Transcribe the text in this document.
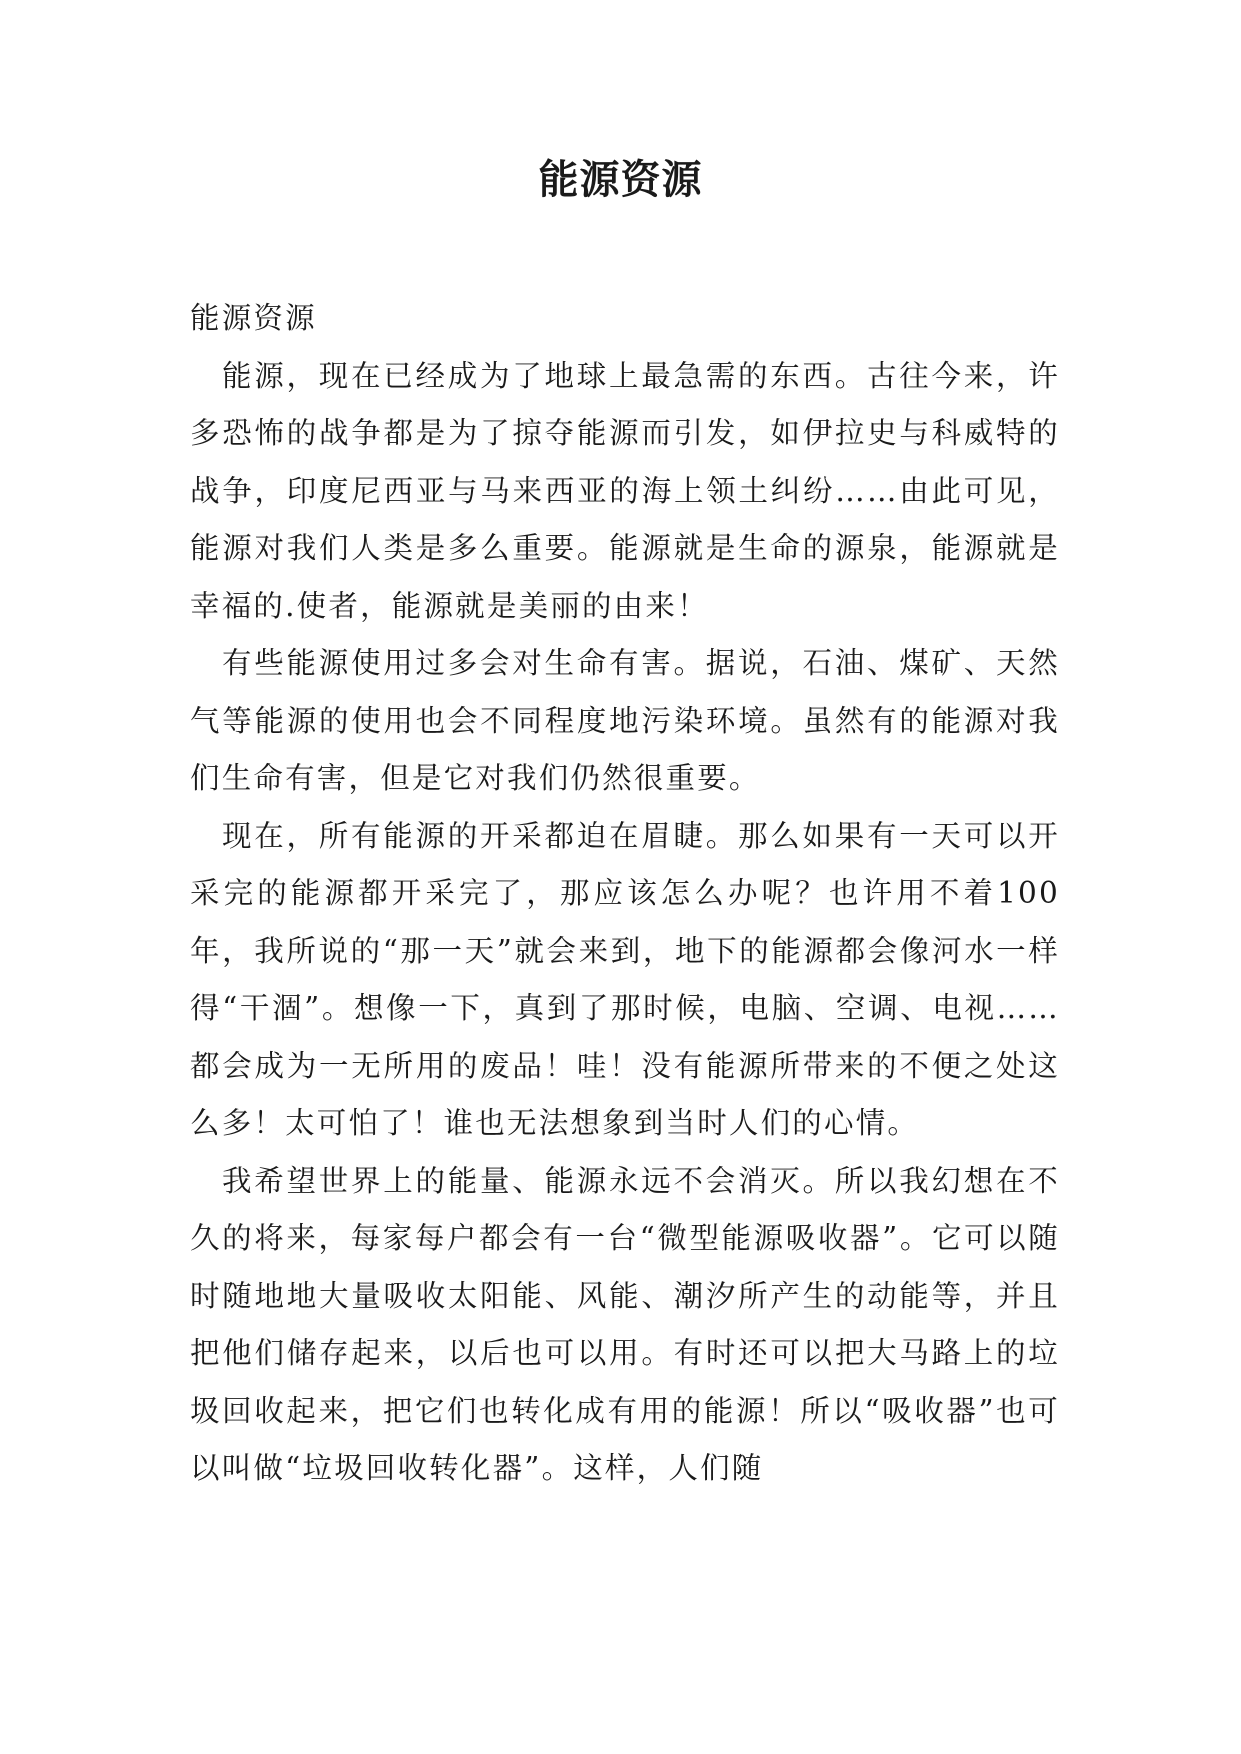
能源资源

能源资源

能源，现在已经成为了地球上最急需的东西。古往今来，许多恐怖的战争都是为了掠夺能源而引发，如伊拉史与科威特的战争，印度尼西亚与马来西亚的海上领土纠纷……由此可见，能源对我们人类是多么重要。能源就是生命的源泉，能源就是幸福的.使者，能源就是美丽的由来！

有些能源使用过多会对生命有害。据说，石油、煤矿、天然气等能源的使用也会不同程度地污染环境。虽然有的能源对我们生命有害，但是它对我们仍然很重要。

现在，所有能源的开采都迫在眉睫。那么如果有一天可以开采完的能源都开采完了，那应该怎么办呢？也许用不着100年，我所说的“那一天”就会来到，地下的能源都会像河水一样得“干涸”。想像一下，真到了那时候，电脑、空调、电视……都会成为一无所用的废品！哇！没有能源所带来的不便之处这么多！太可怕了！谁也无法想象到当时人们的心情。

我希望世界上的能量、能源永远不会消灭。所以我幻想在不久的将来，每家每户都会有一台“微型能源吸收器”。它可以随时随地地大量吸收太阳能、风能、潮汐所产生的动能等，并且把他们储存起来，以后也可以用。有时还可以把大马路上的垃圾回收起来，把它们也转化成有用的能源！所以“吸收器”也可以叫做“垃圾回收转化器”。这样，人们随
